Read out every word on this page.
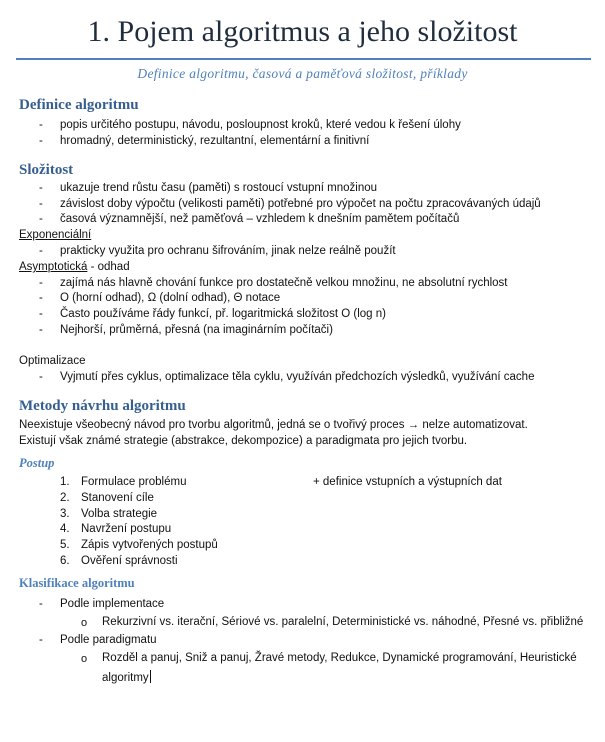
1. Pojem algoritmus a jeho složitost
Definice algoritmu, časová a paměťová složitost, příklady
Definice algoritmu
- popis určitého postupu, návodu, posloupnost kroků, které vedou k řešení úlohy
- hromadný, deterministický, rezultantní, elementární a finitivní
Složitost
- ukazuje trend růstu času (paměti) s rostoucí vstupní množinou
- závislost doby výpočtu (velikosti paměti) potřebné pro výpočet na počtu zpracovávaných údajů
- časová významnější, než paměťová – vzhledem k dnešním pamětem počítačů
Exponenciální
- prakticky využita pro ochranu šifrováním, jinak nelze reálně použít
Asymptotická - odhad
- zajímá nás hlavně chování funkce pro dostatečně velkou množinu, ne absolutní rychlost
- O (horní odhad), Ω (dolní odhad), Θ notace
- Často používáme řády funkcí, př. logaritmická složitost O (log n)
- Nejhorší, průměrná, přesná (na imaginárním počítači)
Optimalizace
- Vyjmutí přes cyklus, optimalizace těla cyklu, využíván předchozích výsledků, využívání cache
Metody návrhu algoritmu
Neexistuje všeobecný návod pro tvorbu algoritmů, jedná se o tvořivý proces → nelze automatizovat.
Existují však známé strategie (abstrakce, dekompozice) a paradigmata pro jejich tvorbu.
Postup
1. Formulace problému	+ definice vstupních a výstupních dat
2. Stanovení cíle
3. Volba strategie
4. Navržení postupu
5. Zápis vytvořených postupů
6. Ověření správnosti
Klasifikace algoritmu
- Podle implementace
o Rekurzivní vs. iterační, Sériové vs. paralelní, Deterministické vs. náhodné, Přesné vs. přibližné
- Podle paradigmatu
o Rozděl a panuj, Sniž a panuj, Žravé metody, Redukce, Dynamické programování, Heuristické
algoritmy
